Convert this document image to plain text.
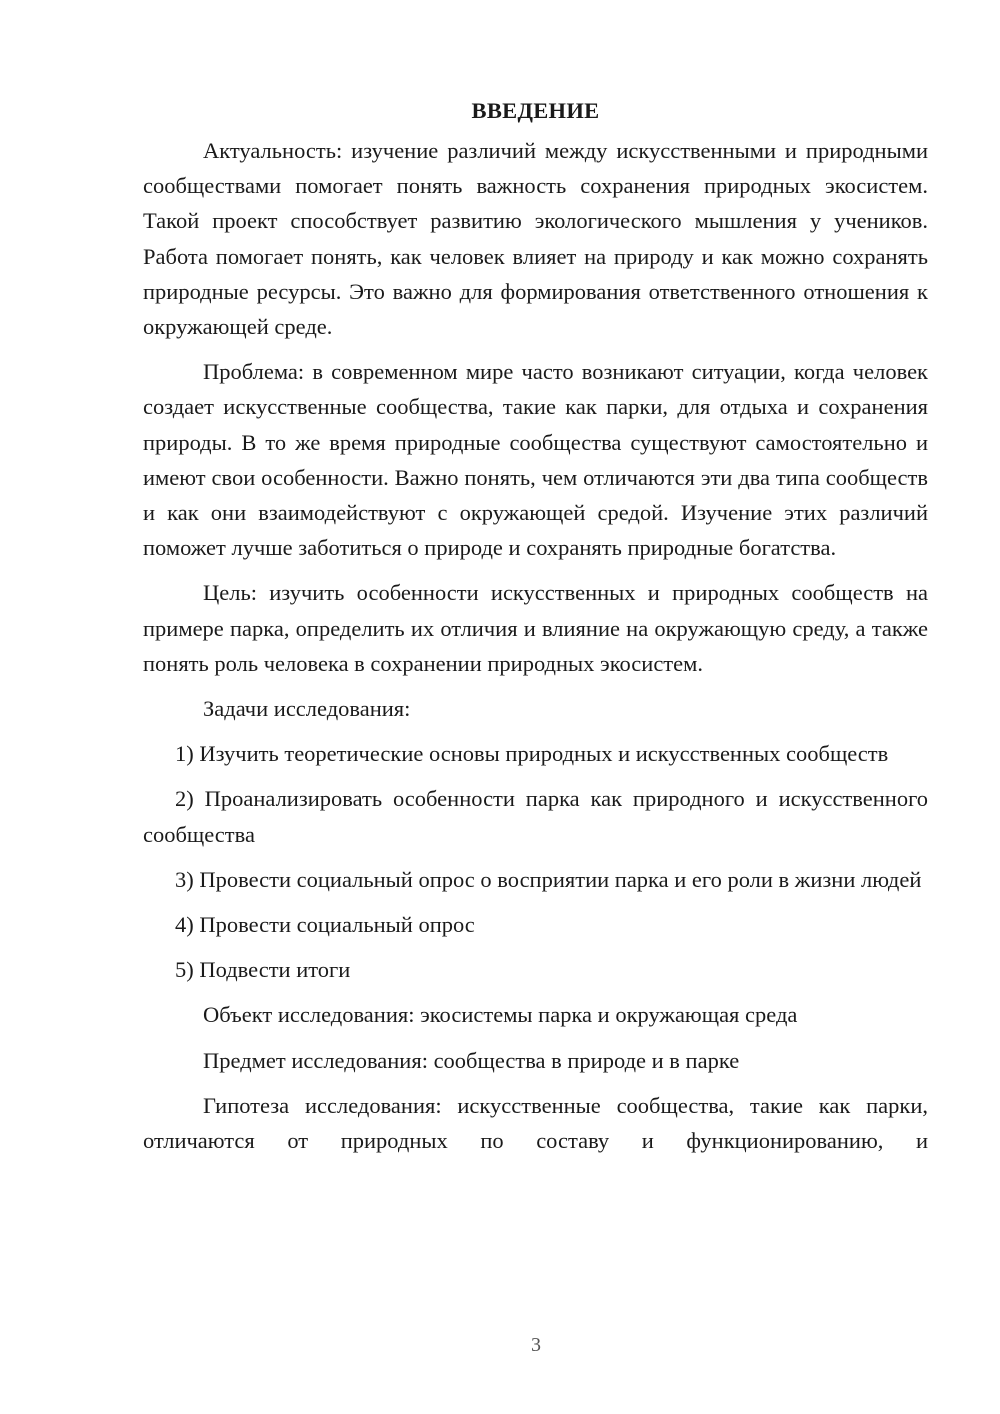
ВВЕДЕНИЕ

Актуальность: изучение различий между искусственными и природными сообществами помогает понять важность сохранения природных экосистем. Такой проект способствует развитию экологического мышления у учеников. Работа помогает понять, как человек влияет на природу и как можно сохранять природные ресурсы. Это важно для формирования ответственного отношения к окружающей среде.

Проблема: в современном мире часто возникают ситуации, когда человек создает искусственные сообщества, такие как парки, для отдыха и сохранения природы. В то же время природные сообщества существуют самостоятельно и имеют свои особенности. Важно понять, чем отличаются эти два типа сообществ и как они взаимодействуют с окружающей средой. Изучение этих различий поможет лучше заботиться о природе и сохранять природные богатства.

Цель: изучить особенности искусственных и природных сообществ на примере парка, определить их отличия и влияние на окружающую среду, а также понять роль человека в сохранении природных экосистем.

Задачи исследования:

1) Изучить теоретические основы природных и искусственных сообществ

2) Проанализировать особенности парка как природного и искусственного сообщества

3) Провести социальный опрос о восприятии парка и его роли в жизни людей

4) Провести социальный опрос

5) Подвести итоги

Объект исследования: экосистемы парка и окружающая среда

Предмет исследования: сообщества в природе и в парке

Гипотеза исследования: искусственные сообщества, такие как парки, отличаются от природных по составу и функционированию, и

3
